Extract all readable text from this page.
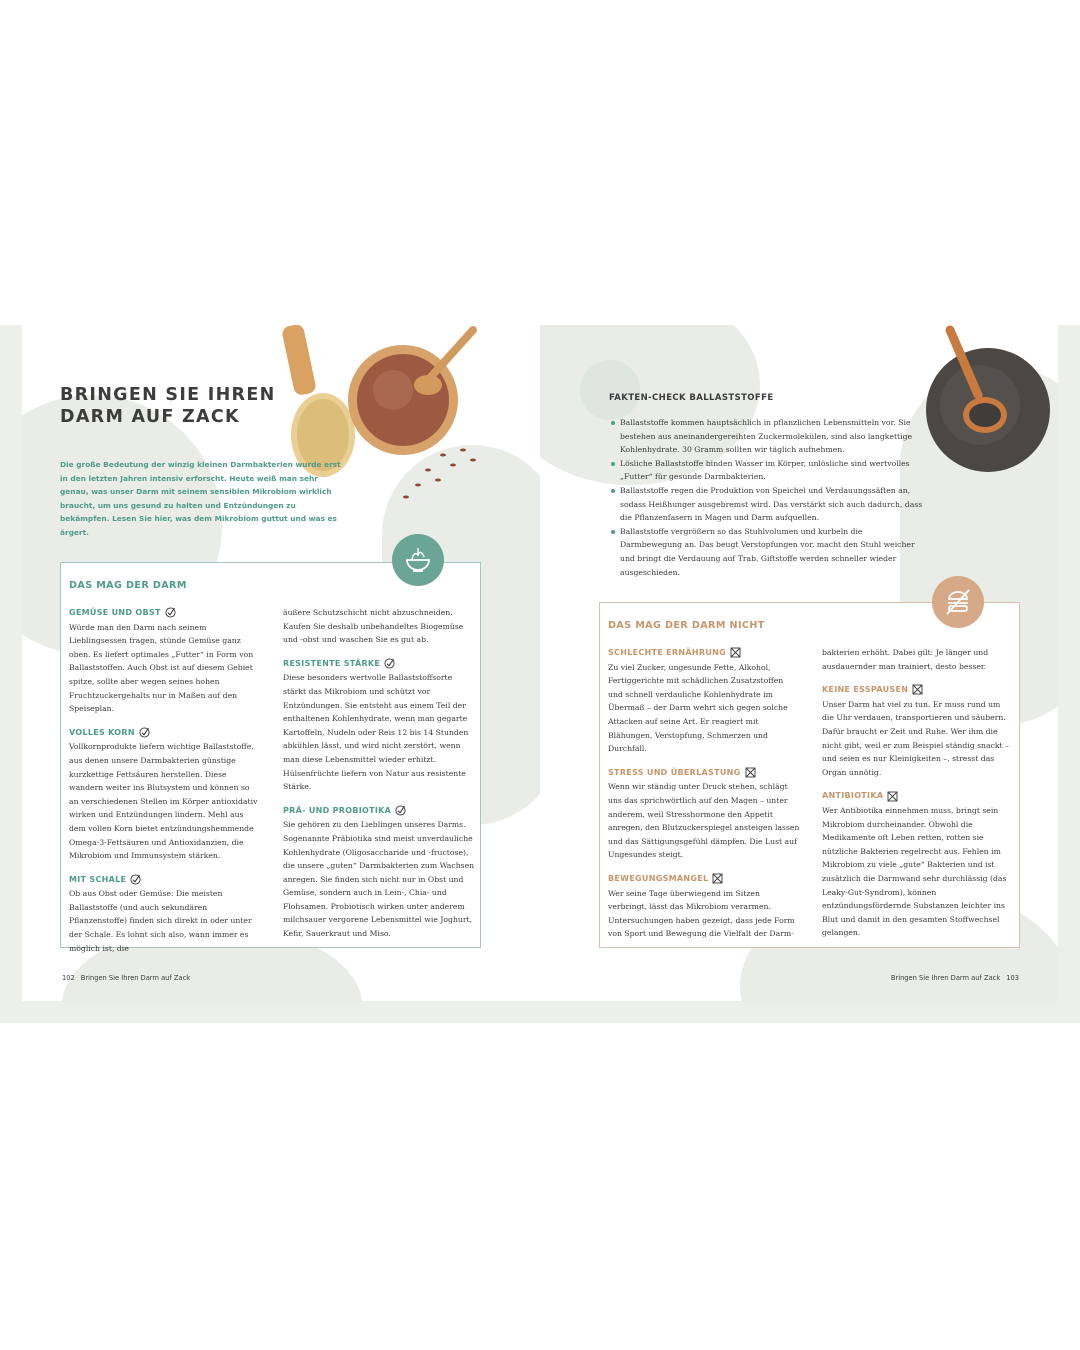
BRINGEN SIE IHREN DARM AUF ZACK
Die große Bedeutung der winzig kleinen Darmbakterien wurde erst in den letzten Jahren intensiv erforscht. Heute weiß man sehr genau, was unser Darm mit seinem sensiblen Mikrobiom wirklich braucht, um uns gesund zu halten und Entzündungen zu bekämpfen. Lesen Sie hier, was dem Mikrobiom guttut und was es ärgert.
DAS MAG DER DARM
GEMÜSE UND OBST

Würde man den Darm nach seinem Lieblingsessen fragen, stünde Gemüse ganz oben. Es liefert optimales „Futter“ in Form von Ballaststoffen. Auch Obst ist auf diesem Gebiet spitze, sollte aber wegen seines hohen Fruchtzuckergehalts nur in Maßen auf den Speiseplan.

VOLLES KORN

Vollkornprodukte liefern wichtige Ballaststoffe, aus denen unsere Darmbakterien günstige kurzkettige Fettsäuren herstellen. Diese wandern weiter ins Blutsystem und können so an verschiedenen Stellen im Körper antioxidativ wirken und Entzündungen lindern. Mehl aus dem vollen Korn bietet entzündungshemmende Omega-3-Fettsäuren und Antioxidanzien, die Mikrobiom und Immunsystem stärken.

MIT SCHALE

Ob aus Obst oder Gemüse: Die meisten Ballaststoffe (und auch sekundären Pflanzenstoffe) finden sich direkt in oder unter der Schale. Es lohnt sich also, wann immer es möglich ist, die

äußere Schutzschicht nicht abzuschneiden. Kaufen Sie deshalb unbehandeltes Biogemüse und -obst und waschen Sie es gut ab.

RESISTENTE STÄRKE

Diese besonders wertvolle Ballaststoffsorte stärkt das Mikrobiom und schützt vor Entzündungen. Sie entsteht aus einem Teil der enthaltenen Kohlenhydrate, wenn man gegarte Kartoffeln, Nudeln oder Reis 12 bis 14 Stunden abkühlen lässt, und wird nicht zerstört, wenn man diese Lebensmittel wieder erhitzt. Hülsenfrüchte liefern von Natur aus resistente Stärke.

PRÄ- UND PROBIOTIKA

Sie gehören zu den Lieblingen unseres Darms. Sogenannte Präbiotika sind meist unverdauliche Kohlenhydrate (Oligosaccharide und -fructose), die unsere „guten“ Darmbakterien zum Wachsen anregen. Sie finden sich nicht nur in Obst und Gemüse, sondern auch in Lein-, Chia- und Flohsamen. Probiotisch wirken unter anderem milchsauer vergorene Lebensmittel wie Joghurt, Kefir, Sauerkraut und Miso.

FAKTEN-CHECK BALLASTSTOFFE
Ballaststoffe kommen hauptsächlich in pflanzlichen Lebensmitteln vor. Sie bestehen aus aneinandergereihten Zuckermolekülen, sind also langkettige Kohlenhydrate. 30 Gramm sollten wir täglich aufnehmen.
Lösliche Ballaststoffe binden Wasser im Körper, unlösliche sind wertvolles „Futter“ für gesunde Darmbakterien.
Ballaststoffe regen die Produktion von Speichel und Verdauungssäften an, sodass Heißhunger ausgebremst wird. Das verstärkt sich auch dadurch, dass die Pflanzenfasern in Magen und Darm aufquellen.
Ballaststoffe vergrößern so das Stuhlvolumen und kurbeln die Darmbewegung an. Das beugt Verstopfungen vor, macht den Stuhl weicher und bringt die Verdauung auf Trab. Giftstoffe werden schneller wieder ausgeschieden.
DAS MAG DER DARM NICHT
SCHLECHTE ERNÄHRUNG

Zu viel Zucker, ungesunde Fette, Alkohol, Fertiggerichte mit schädlichen Zusatzstoffen und schnell verdauliche Kohlenhydrate im Übermaß – der Darm wehrt sich gegen solche Attacken auf seine Art. Er reagiert mit Blähungen, Verstopfung, Schmerzen und Durchfall.

STRESS UND ÜBERLASTUNG

Wenn wir ständig unter Druck stehen, schlägt uns das sprichwörtlich auf den Magen – unter anderem, weil Stresshormone den Appetit anregen, den Blutzuckerspiegel ansteigen lassen und das Sättigungsgefühl dämpfen. Die Lust auf Ungesundes steigt.

BEWEGUNGSMANGEL

Wer seine Tage überwiegend im Sitzen verbringt, lässt das Mikrobiom verarmen. Untersuchungen haben gezeigt, dass jede Form von Sport und Bewegung die Vielfalt der Darm-

bakterien erhöht. Dabei gilt: Je länger und ausdauernder man trainiert, desto besser.

KEINE ESSPAUSEN

Unser Darm hat viel zu tun. Er muss rund um die Uhr verdauen, transportieren und säubern. Dafür braucht er Zeit und Ruhe. Wer ihm die nicht gibt, weil er zum Beispiel ständig snackt – und seien es nur Kleinigkeiten –, stresst das Organ unnötig.

ANTIBIOTIKA

Wer Antibiotika einnehmen muss, bringt sein Mikrobiom durcheinander. Obwohl die Medikamente oft Leben retten, rotten sie nützliche Bakterien regelrecht aus. Fehlen im Mikrobiom zu viele „gute“ Bakterien und ist zusätzlich die Darmwand sehr durchlässig (das Leaky-Gut-Syndrom), können entzündungsfördernde Substanzen leichter ins Blut und damit in den gesamten Stoffwechsel gelangen.

102 Bringen Sie Ihren Darm auf Zack	Bringen Sie Ihren Darm auf Zack 103
